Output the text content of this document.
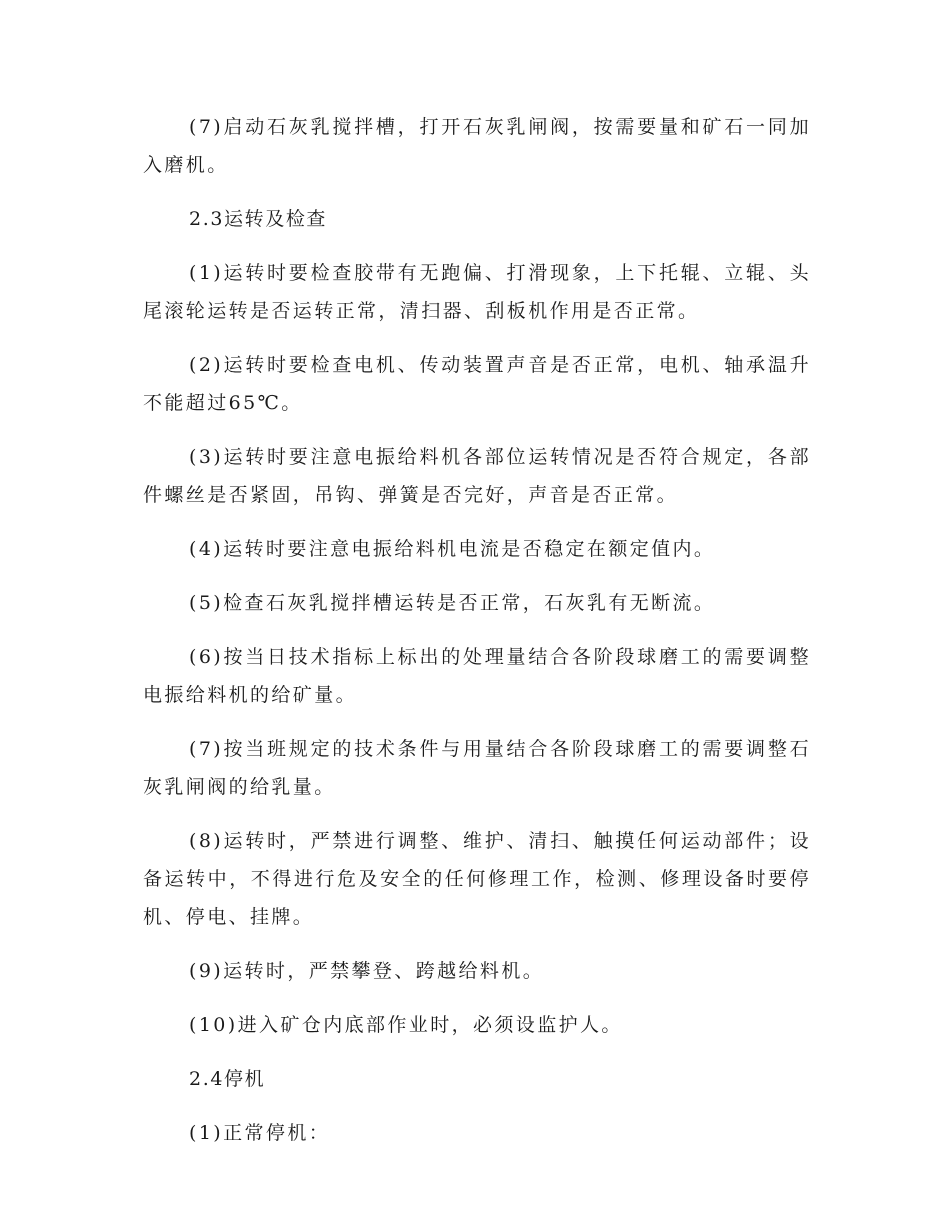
(7)启动石灰乳搅拌槽，打开石灰乳闸阀，按需要量和矿石一同加入磨机。

2.3运转及检查

(1)运转时要检查胶带有无跑偏、打滑现象，上下托辊、立辊、头尾滚轮运转是否运转正常，清扫器、刮板机作用是否正常。

(2)运转时要检查电机、传动装置声音是否正常，电机、轴承温升不能超过65℃。

(3)运转时要注意电振给料机各部位运转情况是否符合规定，各部件螺丝是否紧固，吊钩、弹簧是否完好，声音是否正常。

(4)运转时要注意电振给料机电流是否稳定在额定值内。

(5)检查石灰乳搅拌槽运转是否正常，石灰乳有无断流。

(6)按当日技术指标上标出的处理量结合各阶段球磨工的需要调整电振给料机的给矿量。

(7)按当班规定的技术条件与用量结合各阶段球磨工的需要调整石灰乳闸阀的给乳量。

(8)运转时，严禁进行调整、维护、清扫、触摸任何运动部件；设备运转中，不得进行危及安全的任何修理工作，检测、修理设备时要停机、停电、挂牌。

(9)运转时，严禁攀登、跨越给料机。

(10)进入矿仓内底部作业时，必须设监护人。

2.4停机

(1)正常停机：
